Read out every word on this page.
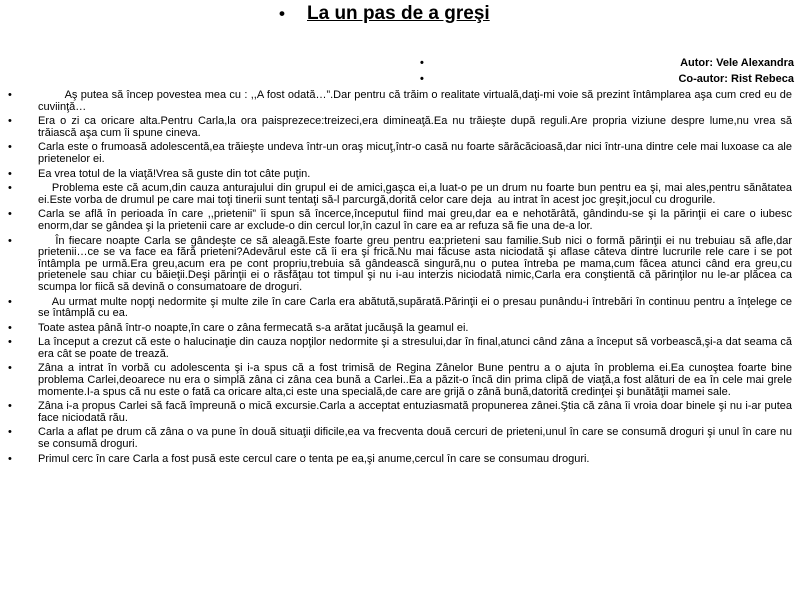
• La un pas de a greşi
•	Autor: Vele Alexandra
•	Co-autor: Rist Rebeca
• Aş putea să încep povestea mea cu : ,,A fost odată…”.Dar pentru că trăim o realitate virtuală,daţi-mi voie să prezint întâmplarea aşa cum cred eu de cuviinţă…
• Era o zi ca oricare alta.Pentru Carla,la ora paisprezece:treizeci,era dimineaţă.Ea nu trăieşte după reguli.Are propria viziune despre lume,nu vrea să trăiască aşa cum îi spune cineva.
• Carla este o frumoasă adolescentă,ea trăieşte undeva într-un oraş micuţ,într-o casă nu foarte sărăcăcioasă,dar nici într-una dintre cele mai luxoase ca ale prietenelor ei.
• Ea vrea totul de la viaţă!Vrea să guste din tot câte puţin.
• Problema este că acum,din cauza anturajului din grupul ei de amici,gaşca ei,a luat-o pe un drum nu foarte bun pentru ea şi, mai ales,pentru sănătatea ei.Este vorba de drumul pe care mai toţi tinerii sunt tentaţi să-l parcurgă,dorită celor care deja  au intrat în acest joc greşit,jocul cu drogurile.
• Carla se află în perioada în care ,,prietenii” îi spun să încerce,începutul fiind mai greu,dar ea e nehotărâtă, gândindu-se şi la părinţii ei care o iubesc enorm,dar se gândea şi la prietenii care ar exclude-o din cercul lor,în cazul în care ea ar refuza să fie una de-a lor.
• În fiecare noapte Carla se gândeşte ce să aleagă.Este foarte greu pentru ea:prieteni sau familie.Sub nici o formă părinţii ei nu trebuiau să afle,dar prietenii…ce se va face ea fără prieteni?Adevărul este că îi era şi frică.Nu mai făcuse asta niciodată şi aflase câteva dintre lucrurile rele care i se pot întâmpla pe urmă.Era greu,acum era pe cont propriu,trebuia să gândească singură,nu o putea întreba pe mama,cum făcea atunci când era greu,cu prietenele sau chiar cu băieţii.Deşi părinţii ei o răsfăţau tot timpul şi nu i-au interzis niciodată nimic,Carla era conştientă că părinţilor nu le-ar plăcea ca scumpa lor fiică să devină o consumatoare de droguri.
• Au urmat multe nopţi nedormite şi multe zile în care Carla era abătută,supărată.Părinţii ei o presau punându-i întrebări în continuu pentru a înţelege ce se întâmplă cu ea.
• Toate astea până într-o noapte,în care o zâna fermecată s-a arătat jucăuşă la geamul ei.
• La început a crezut că este o halucinaţie din cauza nopţilor nedormite şi a stresului,dar în final,atunci când zâna a început să vorbească,şi-a dat seama că era cât se poate de trează.
• Zâna a intrat în vorbă cu adolescenta şi i-a spus că a fost trimisă de Regina Zânelor Bune pentru a o ajuta în problema ei.Ea cunoştea foarte bine problema Carlei,deoarece nu era o simplă zâna ci zâna cea bună a Carlei..Ea a păzit-o încă din prima clipă de viaţă,a fost alături de ea în cele mai grele momente.I-a spus că nu este o fată ca oricare alta,ci este una specială,de care are grijă o zână bună,datorită credinţei şi bunătăţii mamei sale.
• Zâna i-a propus Carlei să facă împreună o mică excursie.Carla a acceptat entuziasmată propunerea zânei.Ştia că zâna îi vroia doar binele şi nu i-ar putea face niciodată rău.
• Carla a aflat pe drum că zâna o va pune în două situaţii dificile,ea va frecventa două cercuri de prieteni,unul în care se consumă droguri şi unul în care nu se consumă droguri.
• Primul cerc în care Carla a fost pusă este cercul care o tenta pe ea,şi anume,cercul în care se consumau droguri.
